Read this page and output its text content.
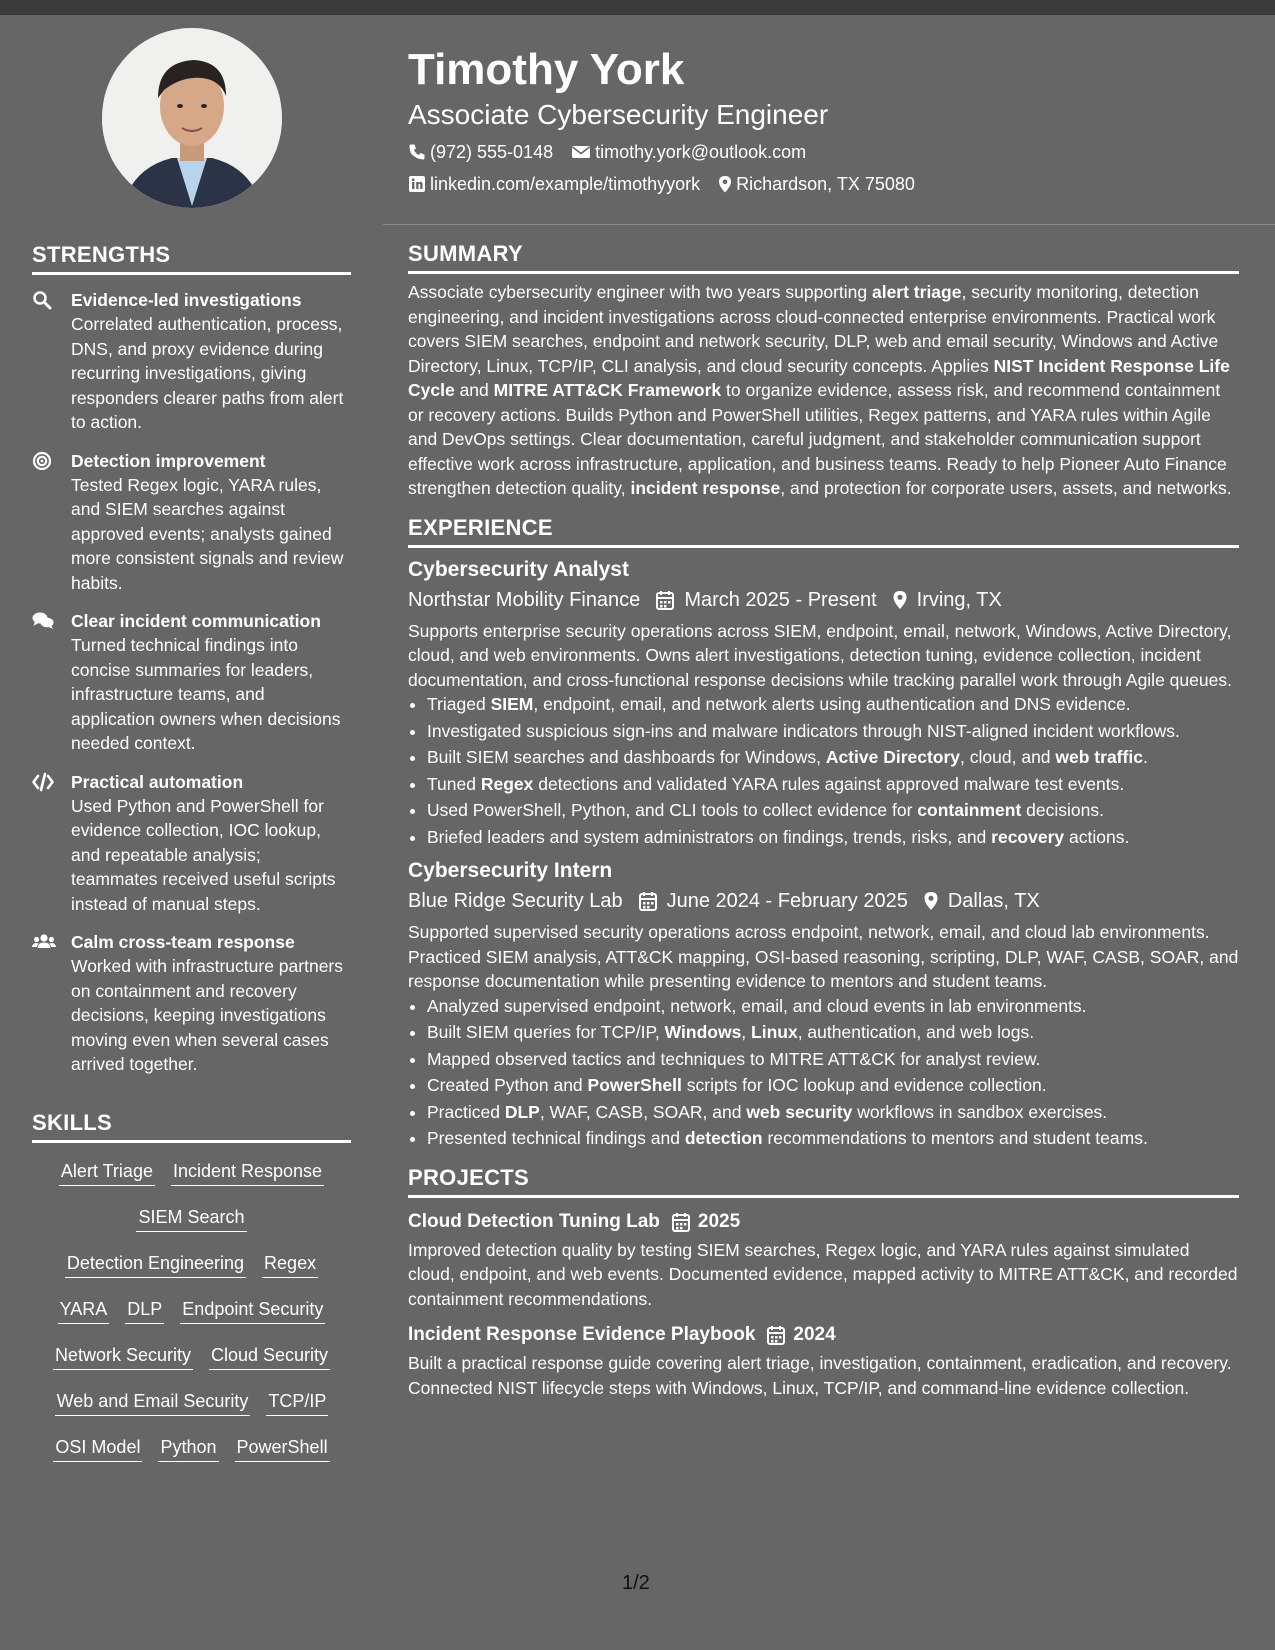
STRENGTHS
Evidence-led investigations
Correlated authentication, process, DNS, and proxy evidence during recurring investigations, giving responders clearer paths from alert to action.
Detection improvement
Tested Regex logic, YARA rules, and SIEM searches against approved events; analysts gained more consistent signals and review habits.
Clear incident communication
Turned technical findings into concise summaries for leaders, infrastructure teams, and application owners when decisions needed context.
Practical automation
Used Python and PowerShell for evidence collection, IOC lookup, and repeatable analysis; teammates received useful scripts instead of manual steps.
Calm cross-team response
Worked with infrastructure partners on containment and recovery decisions, keeping investigations moving even when several cases arrived together.
SKILLS
Alert Triage Incident Response
SIEM Search
Detection Engineering Regex
YARA DLP Endpoint Security
Network Security Cloud Security
Web and Email Security TCP/IP
OSI Model Python PowerShell
Timothy York
Associate Cybersecurity Engineer
(972) 555-0148 timothy.york@outlook.com
linkedin.com/example/timothyyork Richardson, TX 75080
SUMMARY
Associate cybersecurity engineer with two years supporting alert triage, security monitoring, detection engineering, and incident investigations across cloud-connected enterprise environments. Practical work covers SIEM searches, endpoint and network security, DLP, web and email security, Windows and Active Directory, Linux, TCP/IP, CLI analysis, and cloud security concepts. Applies NIST Incident Response Life Cycle and MITRE ATT&CK Framework to organize evidence, assess risk, and recommend containment or recovery actions. Builds Python and PowerShell utilities, Regex patterns, and YARA rules within Agile and DevOps settings. Clear documentation, careful judgment, and stakeholder communication support effective work across infrastructure, application, and business teams. Ready to help Pioneer Auto Finance strengthen detection quality, incident response, and protection for corporate users, assets, and networks.
EXPERIENCE
Cybersecurity Analyst
Northstar Mobility Finance March 2025 - Present Irving, TX
Supports enterprise security operations across SIEM, endpoint, email, network, Windows, Active Directory, cloud, and web environments. Owns alert investigations, detection tuning, evidence collection, incident documentation, and cross-functional response decisions while tracking parallel work through Agile queues.
• Triaged SIEM, endpoint, email, and network alerts using authentication and DNS evidence.
• Investigated suspicious sign-ins and malware indicators through NIST-aligned incident workflows.
• Built SIEM searches and dashboards for Windows, Active Directory, cloud, and web traffic.
• Tuned Regex detections and validated YARA rules against approved malware test events.
• Used PowerShell, Python, and CLI tools to collect evidence for containment decisions.
• Briefed leaders and system administrators on findings, trends, risks, and recovery actions.
Cybersecurity Intern
Blue Ridge Security Lab June 2024 - February 2025 Dallas, TX
Supported supervised security operations across endpoint, network, email, and cloud lab environments. Practiced SIEM analysis, ATT&CK mapping, OSI-based reasoning, scripting, DLP, WAF, CASB, SOAR, and response documentation while presenting evidence to mentors and student teams.
• Analyzed supervised endpoint, network, email, and cloud events in lab environments.
• Built SIEM queries for TCP/IP, Windows, Linux, authentication, and web logs.
• Mapped observed tactics and techniques to MITRE ATT&CK for analyst review.
• Created Python and PowerShell scripts for IOC lookup and evidence collection.
• Practiced DLP, WAF, CASB, SOAR, and web security workflows in sandbox exercises.
• Presented technical findings and detection recommendations to mentors and student teams.
PROJECTS
Cloud Detection Tuning Lab 2025
Improved detection quality by testing SIEM searches, Regex logic, and YARA rules against simulated cloud, endpoint, and web events. Documented evidence, mapped activity to MITRE ATT&CK, and recorded containment recommendations.
Incident Response Evidence Playbook 2024
Built a practical response guide covering alert triage, investigation, containment, eradication, and recovery. Connected NIST lifecycle steps with Windows, Linux, TCP/IP, and command-line evidence collection.
1/2
